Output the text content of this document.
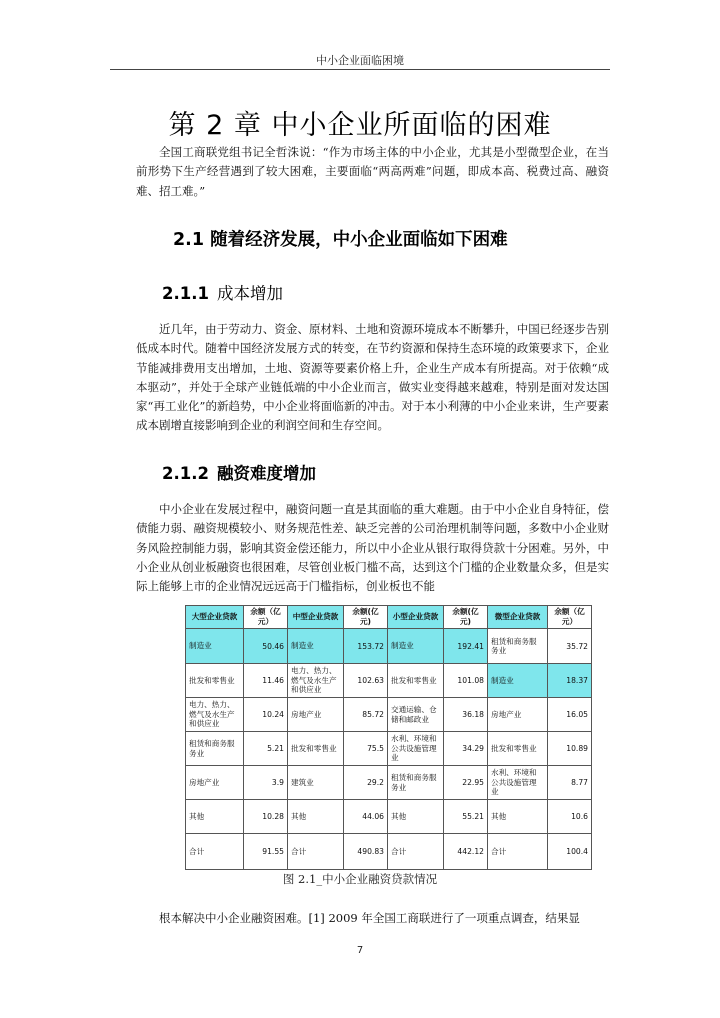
中小企业面临困境
第 2 章 中小企业所面临的困难

全国工商联党组书记全哲洙说：“作为市场主体的中小企业，尤其是小型微型企业，在当前形势下生产经营遇到了较大困难，主要面临“两高两难”问题，即成本高、税费过高、融资难、招工难。”

2.1 随着经济发展，中小企业面临如下困难
2.1.1 成本增加

近几年，由于劳动力、资金、原材料、土地和资源环境成本不断攀升，中国已经逐步告别低成本时代。随着中国经济发展方式的转变，在节约资源和保持生态环境的政策要求下，企业节能减排费用支出增加，土地、资源等要素价格上升，企业生产成本有所提高。对于依赖“成本驱动”，并处于全球产业链低端的中小企业而言，做实业变得越来越难，特别是面对发达国家“再工业化”的新趋势，中小企业将面临新的冲击。对于本小利薄的中小企业来讲，生产要素成本剧增直接影响到企业的利润空间和生存空间。

2.1.2 融资难度增加

中小企业在发展过程中，融资问题一直是其面临的重大难题。由于中小企业自身特征，偿债能力弱、融资规模较小、财务规范性差、缺乏完善的公司治理机制等问题，多数中小企业财务风险控制能力弱，影响其资金偿还能力，所以中小企业从银行取得贷款十分困难。另外，中小企业从创业板融资也很困难，尽管创业板门槛不高，达到这个门槛的企业数量众多，但是实际上能够上市的企业情况远远高于门槛指标，创业板也不能

大型企业贷款	余额（亿元）	中型企业贷款	余额(亿元)	小型企业贷款	余额(亿元)	微型企业贷款	余额（亿元）
制造业	50.46	制造业	153.72	制造业	192.41	租赁和商务服务业	35.72
批发和零售业	11.46	电力、热力、燃气及水生产和供应业	102.63	批发和零售业	101.08	制造业	18.37
电力、热力、燃气及水生产和供应业	10.24	房地产业	85.72	交通运输、仓储和邮政业	36.18	房地产业	16.05
租赁和商务服务业	5.21	批发和零售业	75.5	水利、环境和公共设施管理业	34.29	批发和零售业	10.89
房地产业	3.9	建筑业	29.2	租赁和商务服务业	22.95	水利、环境和公共设施管理业	8.77
其他	10.28	其他	44.06	其他	55.21	其他	10.6
合计	91.55	合计	490.83	合计	442.12	合计	100.4
图 2.1_中小企业融资贷款情况

根本解决中小企业融资困难。[1] 2009 年全国工商联进行了一项重点调查，结果显

7
